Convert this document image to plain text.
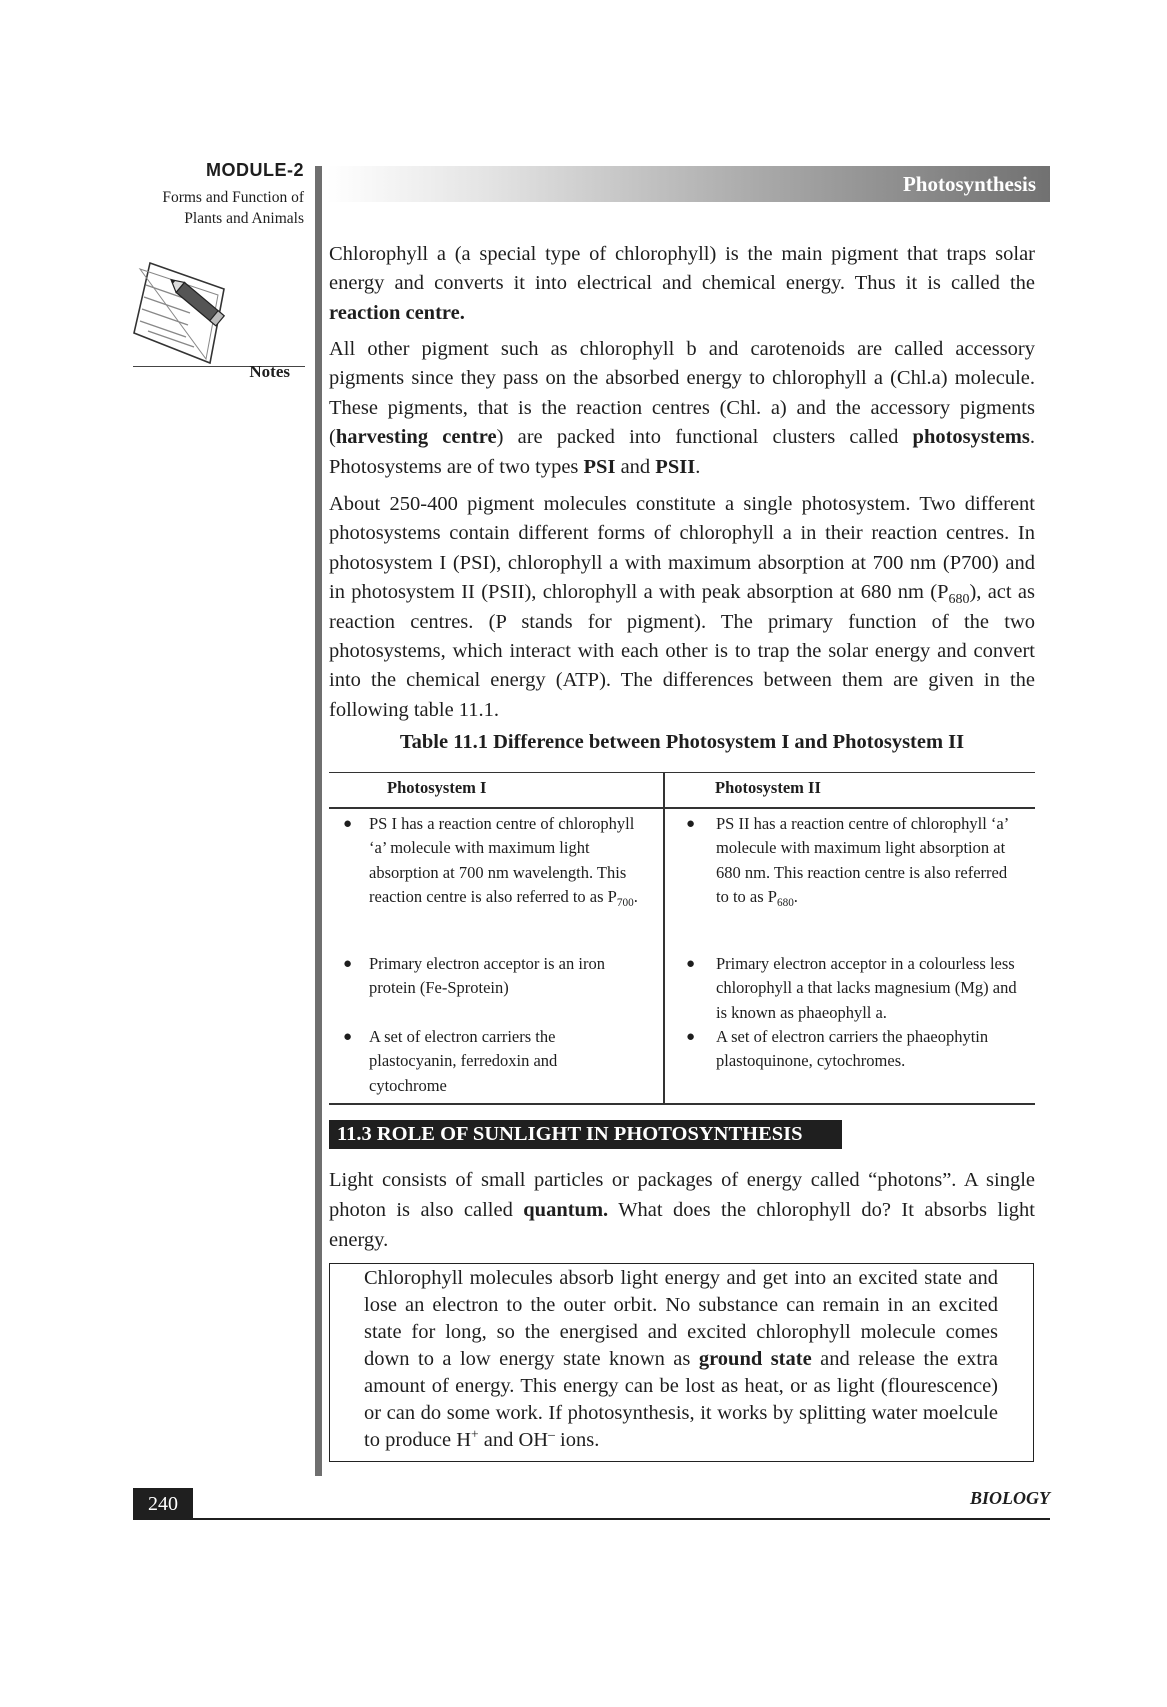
MODULE-2
Forms and Function of
Plants and Animals
Notes
Photosynthesis

Chlorophyll a (a special type of chlorophyll) is the main pigment that traps solar energy and converts it into electrical and chemical energy. Thus it is called the reaction centre.

All other pigment such as chlorophyll b and carotenoids are called accessory pigments since they pass on the absorbed energy to chlorophyll a (Chl.a) molecule. These pigments, that is the reaction centres (Chl. a) and the accessory pigments (harvesting centre) are packed into functional clusters called photosystems. Photosystems are of two types PSI and PSII.

About 250-400 pigment molecules constitute a single photosystem. Two different photosystems contain different forms of chlorophyll a in their reaction centres. In photosystem I (PSI), chlorophyll a with maximum absorption at 700 nm (P700) and in photosystem II (PSII), chlorophyll a with peak absorption at 680 nm $(P_{680})$, act as reaction centres. (P stands for pigment). The primary function of the two photosystems, which interact with each other is to trap the solar energy and convert into the chemical energy (ATP). The differences between them are given in the following table 11.1.

Table 11.1 Difference between Photosystem I and Photosystem II
Photosystem I	Photosystem II
● PS I has a reaction centre of chlorophyll ‘a’ molecule with maximum light absorption at 700 nm wavelength. This reaction centre is also referred to as $P_{700}$.
● Primary electron acceptor is an iron protein (Fe-Sprotein)
● A set of electron carriers the plastocyanin, ferredoxin and cytochrome
● PS II has a reaction centre of chlorophyll ‘a’ molecule with maximum light absorption at 680 nm. This reaction centre is also referred to to as $P_{680}$.
● Primary electron acceptor in a colourless less chlorophyll a that lacks magnesium (Mg) and is known as phaeophyll a.
● A set of electron carriers the phaeophytin plastoquinone, cytochromes.
11.3 ROLE OF SUNLIGHT IN PHOTOSYNTHESIS

Light consists of small particles or packages of energy called “photons”. A single photon is also called quantum. What does the chlorophyll do? It absorbs light energy.

Chlorophyll molecules absorb light energy and get into an excited state and lose an electron to the outer orbit. No substance can remain in an excited state for long, so the energised and excited chlorophyll molecule comes down to a low energy state known as ground state and release the extra amount of energy. This energy can be lost as heat, or as light (flourescence) or can do some work. If photosynthesis, it works by splitting water moelcule to produce H+ and OH– ions.

240	BIOLOGY
